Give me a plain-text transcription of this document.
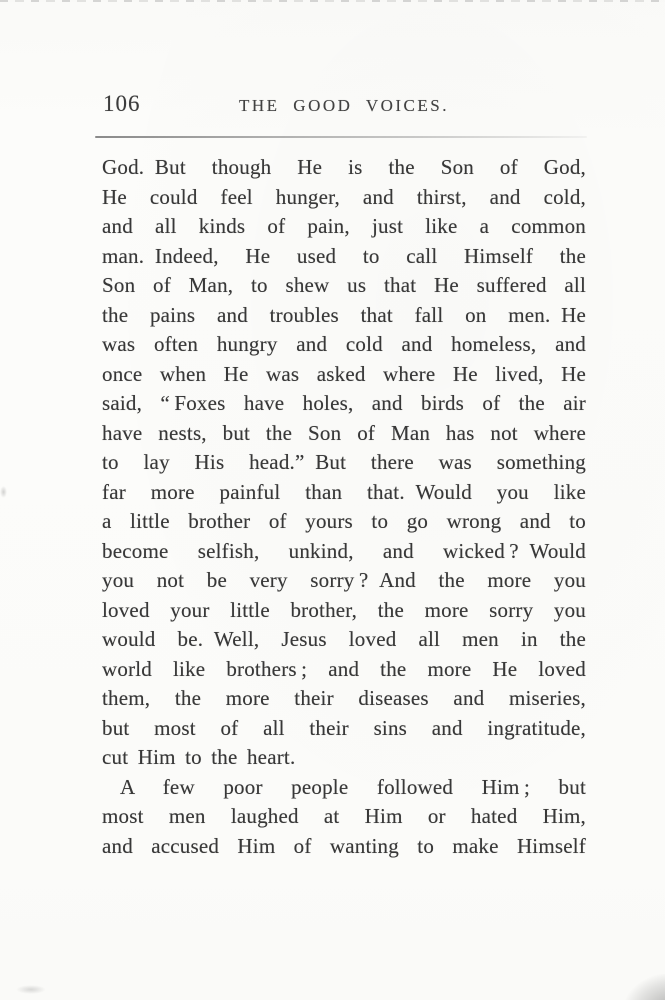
106	THE GOOD VOICES.
God. But though He is the Son of God,
He could feel hunger, and thirst, and cold,
and all kinds of pain, just like a common
man. Indeed, He used to call Himself the
Son of Man, to shew us that He suffered all
the pains and troubles that fall on men. He
was often hungry and cold and homeless, and
once when He was asked where He lived, He
said, “ Foxes have holes, and birds of the air
have nests, but the Son of Man has not where
to lay His head.” But there was something
far more painful than that. Would you like
a little brother of yours to go wrong and to
become selfish, unkind, and wicked ? Would
you not be very sorry ? And the more you
loved your little brother, the more sorry you
would be. Well, Jesus loved all men in the
world like brothers ; and the more He loved
them, the more their diseases and miseries,
but most of all their sins and ingratitude,
cut Him to the heart.
A few poor people followed Him ; but
most men laughed at Him or hated Him,
and accused Him of wanting to make Himself
